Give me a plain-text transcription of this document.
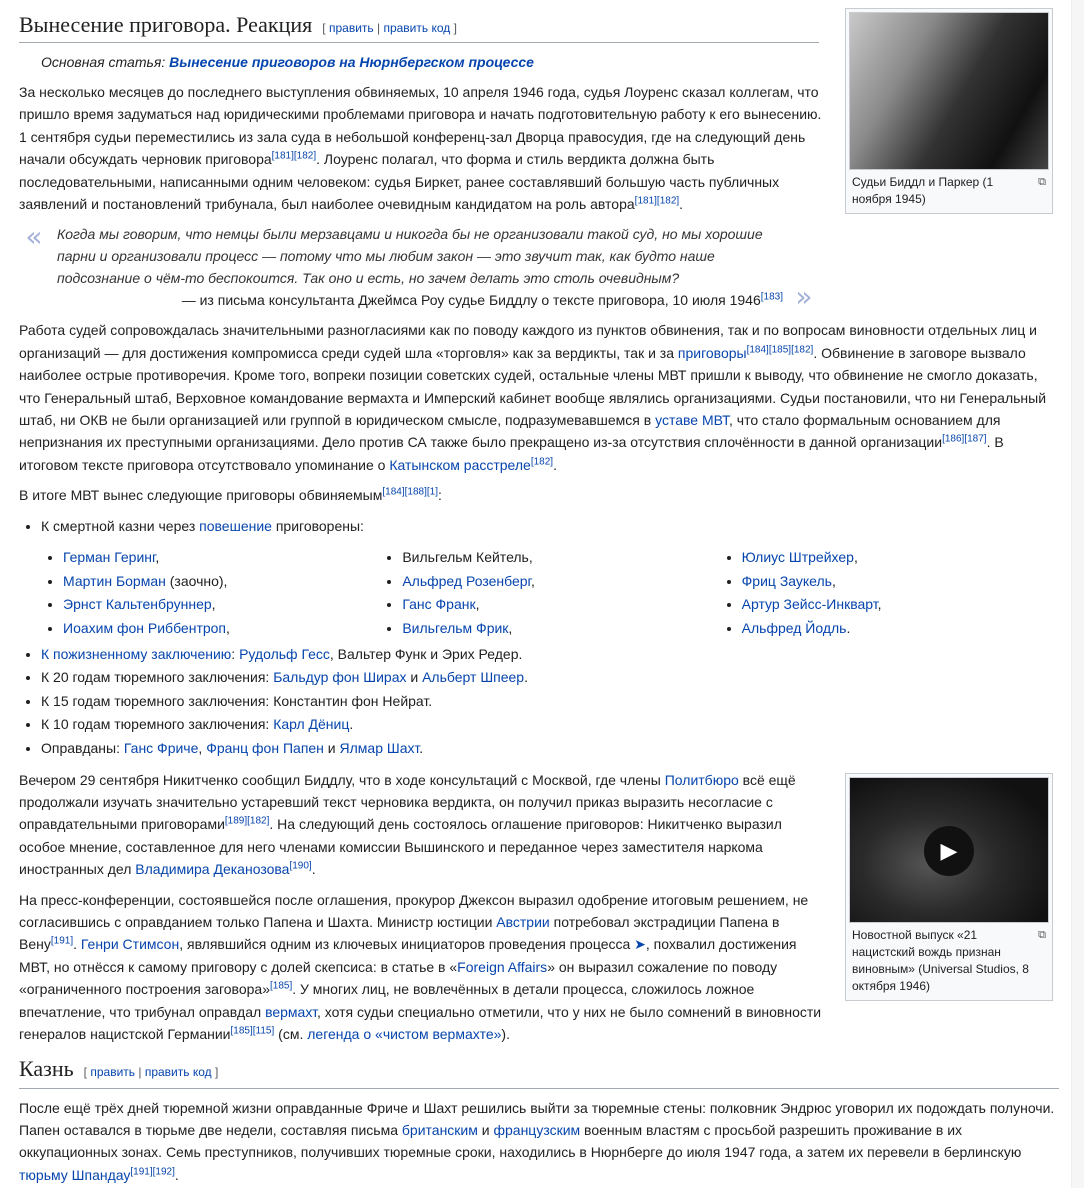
⧉
Судьи Биддл и Паркер (1 ноября 1945)
Вынесение приговора. Реакция [ править | править код ]
Основная статья: Вынесение приговоров на Нюрнбергском процессе

За несколько месяцев до последнего выступления обвиняемых, 10 апреля 1946 года, судья Лоуренс сказал коллегам, что пришло время задуматься над юридическими проблемами приговора и начать подготовительную работу к его вынесению. 1 сентября судьи переместились из зала суда в небольшой конференц-зал Дворца правосудия, где на следующий день начали обсуждать черновик приговора[181][182]. Лоуренс полагал, что форма и стиль вердикта должна быть последовательными, написанными одним человеком: судья Биркет, ранее составлявший большую часть публичных заявлений и постановлений трибунала, был наиболее очевидным кандидатом на роль автора[181][182].

«	Когда мы говорим, что немцы были мерзавцами и никогда бы не организовали такой суд, но мы хорошие парни и организовали процесс — потому что мы любим закон — это звучит так, как будто наше подсознание о чём-то беспокоится. Так оно и есть, но зачем делать это столь очевидным?
— из письма консультанта Джеймса Роу судье Биддлу о тексте приговора, 10 июля 1946[183] »

Работа судей сопровождалась значительными разногласиями как по поводу каждого из пунктов обвинения, так и по вопросам виновности отдельных лиц и организаций — для достижения компромисса среди судей шла «торговля» как за вердикты, так и за приговоры[184][185][182]. Обвинение в заговоре вызвало наиболее острые противоречия. Кроме того, вопреки позиции советских судей, остальные члены МВТ пришли к выводу, что обвинение не смогло доказать, что Генеральный штаб, Верховное командование вермахта и Имперский кабинет вообще являлись организациями. Судьи постановили, что ни Генеральный штаб, ни ОКВ не были организацией или группой в юридическом смысле, подразумевавшемся в уставе МВТ, что стало формальным основанием для непризнания их преступными организациями. Дело против СА также было прекращено из-за отсутствия сплочённости в данной организации[186][187]. В итоговом тексте приговора отсутствовало упоминание о Катынском расстреле[182].

В итоге МВТ вынес следующие приговоры обвиняемым[184][188][1]:

• К смертной казни через повешение приговорены:
• Герман Геринг,
• Мартин Борман (заочно),
• Эрнст Кальтенбруннер,
• Иоахим фон Риббентроп,
• Вильгельм Кейтель,
• Альфред Розенберг,
• Ганс Франк,
• Вильгельм Фрик,
• Юлиус Штрейхер,
• Фриц Заукель,
• Артур Зейсс-Инкварт,
• Альфред Йодль.
• К пожизненному заключению: Рудольф Гесс, Вальтер Функ и Эрих Редер.
• К 20 годам тюремного заключения: Бальдур фон Ширах и Альберт Шпеер.
• К 15 годам тюремного заключения: Константин фон Нейрат.
• К 10 годам тюремного заключения: Карл Дёниц.
• Оправданы: Ганс Фриче, Франц фон Папен и Ялмар Шахт.
▶
⧉
Новостной выпуск «21 нацистский вождь признан виновным» (Universal Studios, 8 октября 1946)

Вечером 29 сентября Никитченко сообщил Биддлу, что в ходе консультаций с Москвой, где члены Политбюро всё ещё продолжали изучать значительно устаревший текст черновика вердикта, он получил приказ выразить несогласие с оправдательными приговорами[189][182]. На следующий день состоялось оглашение приговоров: Никитченко выразил особое мнение, составленное для него членами комиссии Вышинского и переданное через заместителя наркома иностранных дел Владимира Деканозова[190].

На пресс-конференции, состоявшейся после оглашения, прокурор Джексон выразил одобрение итоговым решением, не согласившись с оправданием только Папена и Шахта. Министр юстиции Австрии потребовал экстрадиции Папена в Вену[191]. Генри Стимсон, являвшийся одним из ключевых инициаторов проведения процесса ➤, похвалил достижения МВТ, но отнёсся к самому приговору с долей скепсиса: в статье в «Foreign Affairs» он выразил сожаление по поводу «ограниченного построения заговора»[185]. У многих лиц, не вовлечённых в детали процесса, сложилось ложное впечатление, что трибунал оправдал вермахт, хотя судьи специально отметили, что у них не было сомнений в виновности генералов нацистской Германии[185][115] (см. легенда о «чистом вермахте»).

Казнь [ править | править код ]

После ещё трёх дней тюремной жизни оправданные Фриче и Шахт решились выйти за тюремные стены: полковник Эндрюс уговорил их подождать полуночи. Папен оставался в тюрьме две недели, составляя письма британским и французским военным властям с просьбой разрешить проживание в их оккупационных зонах. Семь преступников, получивших тюремные сроки, находились в Нюрнберге до июля 1947 года, а затем их перевели в берлинскую тюрьму Шпандау[191][192].
